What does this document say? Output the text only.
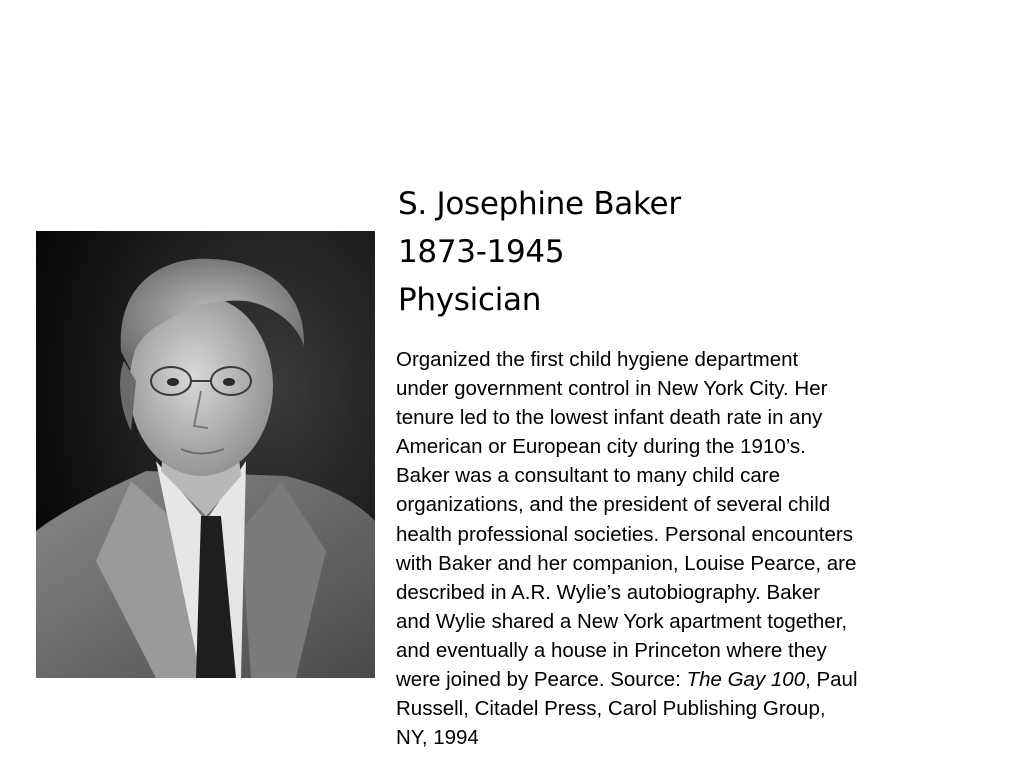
S. Josephine Baker
1873-1945
Physician
Organized the first child hygiene department
under government control in New York City. Her
tenure led to the lowest infant death rate in any
American or European city during the 1910’s.
Baker was a consultant to many child care
organizations, and the president of several child
health professional societies. Personal encounters
with Baker and her companion, Louise Pearce, are
described in A.R. Wylie’s autobiography. Baker
and Wylie shared a New York apartment together,
and eventually a house in Princeton where they
were joined by Pearce. Source: The Gay 100, Paul
Russell, Citadel Press, Carol Publishing Group,
NY, 1994
